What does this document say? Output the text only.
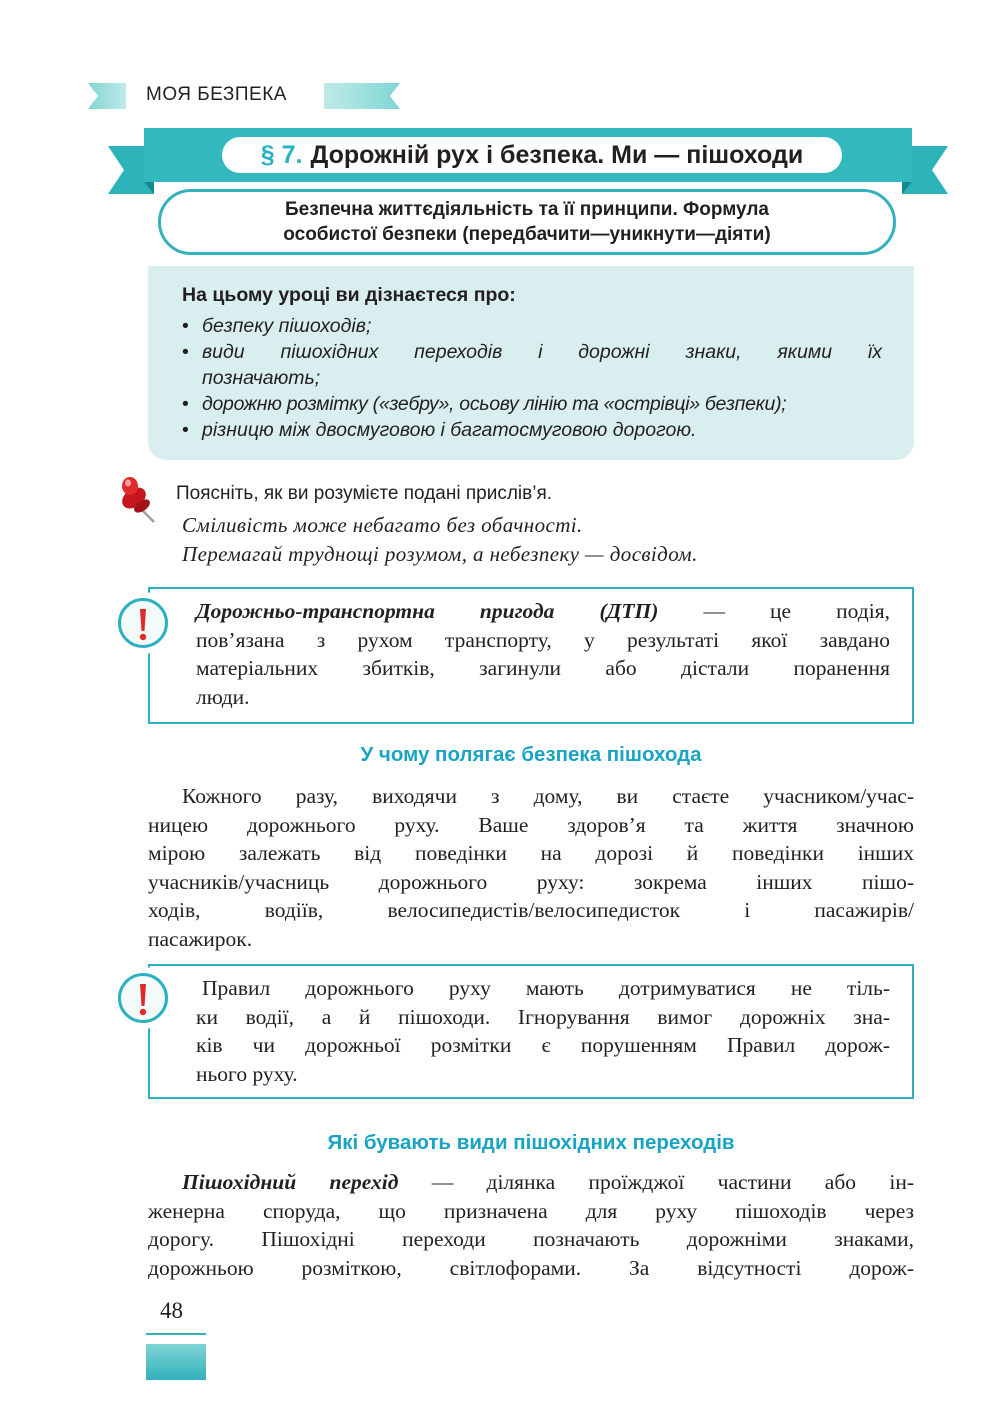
МОЯ БЕЗПЕКА
§ 7. Дорожній рух і безпека. Ми — пішоходи
Безпечна життєдіяльність та її принципи. Формула
особистої безпеки (передбачити—уникнути—діяти)
На цьому уроці ви дізнаєтеся про:
• безпеку пішоходів;
• види пішохідних переходів і дорожні знаки, якими їх
позначають;
• дорожню розмітку («зебру», осьову лінію та «острівці» безпеки);
• різницю між двосмуговою і багатосмуговою дорогою.
Поясніть, як ви розумієте подані прислів’я.
Сміливість може небагато без обачності.
Перемагай труднощі розумом, а небезпеку — досвідом.
Дорожньо-транспортна пригода (ДТП) — це подія,
пов’язана з рухом транспорту, у результаті якої завдано
матеріальних збитків, загинули або дістали поранення
люди.
У чому полягає безпека пішохода
Кожного разу, виходячи з дому, ви стаєте учасником/учас-
ницею дорожнього руху. Ваше здоров’я та життя значною
мірою залежать від поведінки на дорозі й поведінки інших
учасників/учасниць дорожнього руху: зокрема інших пішо-
ходів, водіїв, велосипедистів/велосипедисток і пасажирів/
пасажирок.
Правил дорожнього руху мають дотримуватися не тіль-
ки водії, а й пішоходи. Ігнорування вимог дорожніх зна-
ків чи дорожньої розмітки є порушенням Правил дорож-
нього руху.
Які бувають види пішохідних переходів
Пішохідний перехід — ділянка проїжджої частини або ін-
женерна споруда, що призначена для руху пішоходів через
дорогу. Пішохідні переходи позначають дорожніми знаками,
дорожньою розміткою, світлофорами. За відсутності дорож-
48
